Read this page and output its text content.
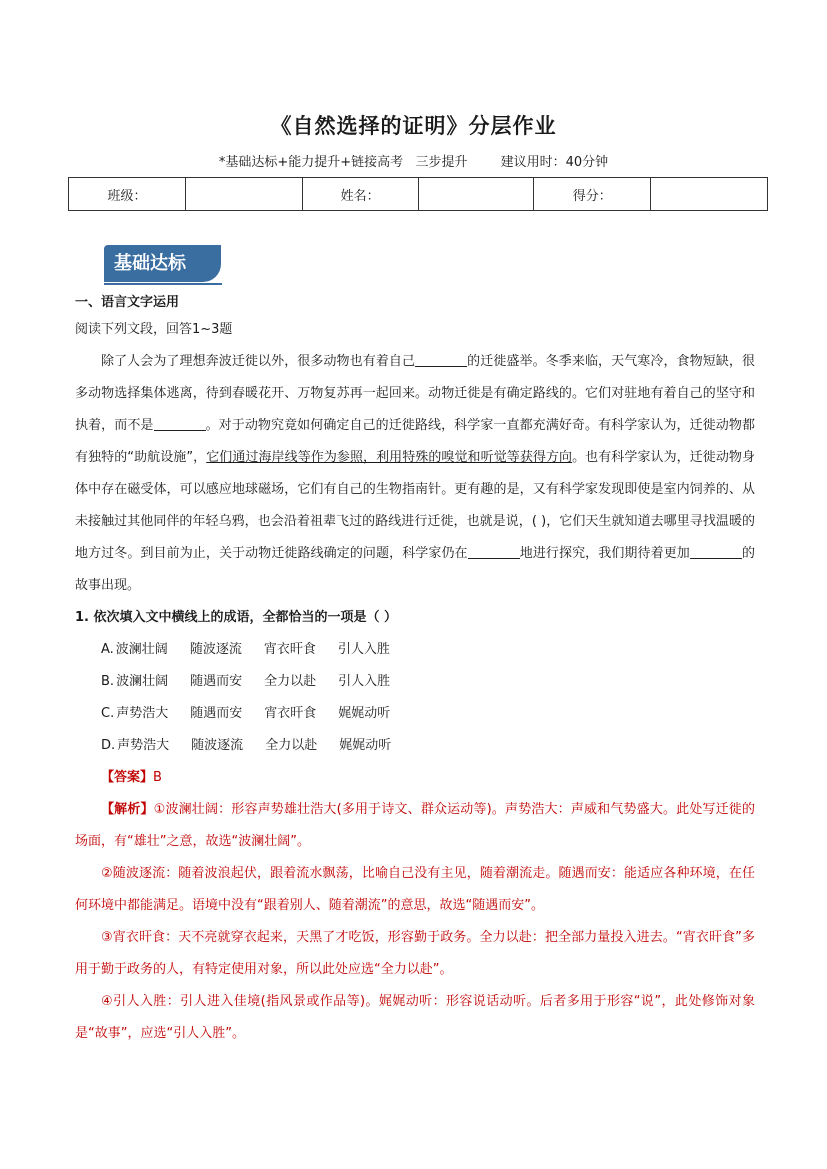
《自然选择的证明》分层作业
*基础达标+能力提升+链接高考   三步提升        建议用时：40分钟
班级：		姓名：		得分：	
基础达标
一、语言文字运用
阅读下列文段，回答1~3题
除了人会为了理想奔波迁徙以外，很多动物也有着自己	的迁徙盛举。冬季来临，天气寒冷，食物短缺，很多动物选择集体逃离，待到春暖花开、万物复苏再一起回来。动物迁徙是有确定路线的。它们对驻地有着自己的坚守和执着，而不是	。对于动物究竟如何确定自己的迁徙路线，科学家一直都充满好奇。有科学家认为，迁徙动物都有独特的“助航设施”，它们通过海岸线等作为参照，利用特殊的嗅觉和听觉等获得方向。也有科学家认为，迁徙动物身体中存在磁受体，可以感应地球磁场，它们有自己的生物指南针。更有趣的是，又有科学家发现即使是室内饲养的、从未接触过其他同伴的年轻乌鸦，也会沿着祖辈飞过的路线进行迁徙，也就是说，( )，它们天生就知道去哪里寻找温暖的地方过冬。到目前为止，关于动物迁徙路线确定的问题，科学家仍在	地进行探究，我们期待着更加	的故事出现。
1. 依次填入文中横线上的成语，全都恰当的一项是（ ）
A. 波澜壮阔 随波逐流 宵衣旰食 引人入胜
B. 波澜壮阔 随遇而安 全力以赴 引人入胜
C. 声势浩大 随遇而安 宵衣旰食 娓娓动听
D. 声势浩大 随波逐流 全力以赴 娓娓动听
【答案】B
【解析】①波澜壮阔：形容声势雄壮浩大(多用于诗文、群众运动等)。声势浩大：声威和气势盛大。此处写迁徙的场面，有“雄壮”之意，故选“波澜壮阔”。
②随波逐流：随着波浪起伏，跟着流水飘荡，比喻自己没有主见，随着潮流走。随遇而安：能适应各种环境，在任何环境中都能满足。语境中没有“跟着别人、随着潮流”的意思，故选“随遇而安”。
③宵衣旰食：天不亮就穿衣起来，天黑了才吃饭，形容勤于政务。全力以赴：把全部力量投入进去。“宵衣旰食”多用于勤于政务的人，有特定使用对象，所以此处应选“全力以赴”。
④引人入胜：引人进入佳境(指风景或作品等)。娓娓动听：形容说话动听。后者多用于形容“说”，此处修饰对象是“故事”，应选“引人入胜”。
